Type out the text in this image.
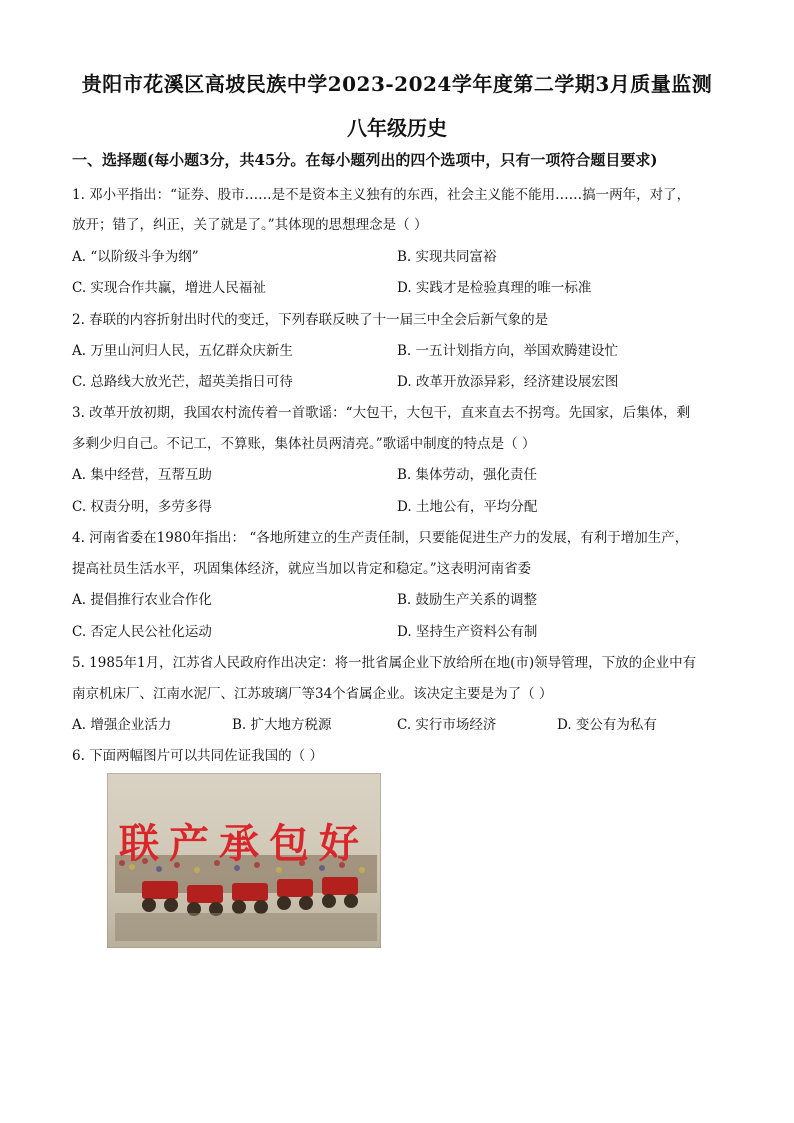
贵阳市花溪区高坡民族中学2023-2024学年度第二学期3月质量监测
八年级历史
一、选择题(每小题3分，共45分。在每小题列出的四个选项中，只有一项符合题目要求)
1. 邓小平指出：“证券、股市……是不是资本主义独有的东西，社会主义能不能用……搞一两年，对了，
放开；错了，纠正，关了就是了。”其体现的思想理念是（ ）
A. “以阶级斗争为纲”	B. 实现共同富裕
C. 实现合作共赢，增进人民福祉	D. 实践才是检验真理的唯一标准
2. 春联的内容折射出时代的变迁，下列春联反映了十一届三中全会后新气象的是
A. 万里山河归人民，五亿群众庆新生	B. 一五计划指方向，举国欢腾建设忙
C. 总路线大放光芒，超英美指日可待	D. 改革开放添异彩，经济建设展宏图
3. 改革开放初期，我国农村流传着一首歌谣：“大包干，大包干，直来直去不拐弯。先国家，后集体，剩
多剩少归自己。不记工，不算账，集体社员两清亮。”歌谣中制度的特点是（ ）
A. 集中经营，互帮互助	B. 集体劳动，强化责任
C. 权责分明，多劳多得	D. 土地公有，平均分配
4. 河南省委在1980年指出： “各地所建立的生产责任制，只要能促进生产力的发展，有利于增加生产，
提高社员生活水平，巩固集体经济，就应当加以肯定和稳定。”这表明河南省委
A. 提倡推行农业合作化	B. 鼓励生产关系的调整
C. 否定人民公社化运动	D. 坚持生产资料公有制
5. 1985年1月，江苏省人民政府作出决定：将一批省属企业下放给所在地(市)领导管理，下放的企业中有
南京机床厂、江南水泥厂、江苏玻璃厂等34个省属企业。该决定主要是为了（ ）
A. 增强企业活力	B. 扩大地方税源	C. 实行市场经济	D. 变公有为私有
6. 下面两幅图片可以共同佐证我国的（ ）
联产承包好
